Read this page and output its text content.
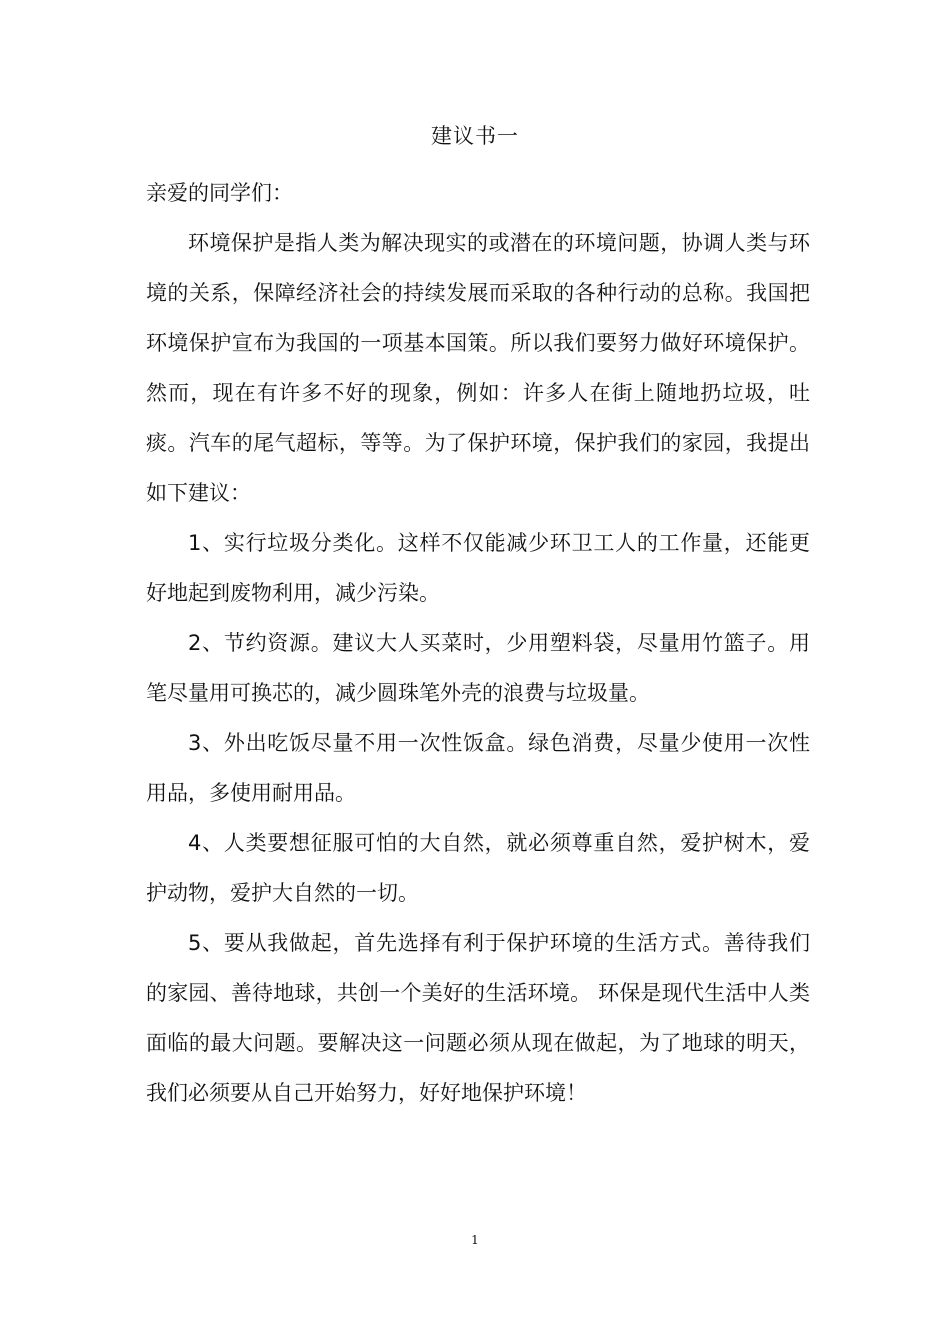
建议书一

亲爱的同学们：

环境保护是指人类为解决现实的或潜在的环境问题，协调人类与环境的关系，保障经济社会的持续发展而采取的各种行动的总称。我国把环境保护宣布为我国的一项基本国策。所以我们要努力做好环境保护。然而，现在有许多不好的现象，例如：许多人在街上随地扔垃圾，吐痰。汽车的尾气超标，等等。为了保护环境，保护我们的家园，我提出如下建议：

1、实行垃圾分类化。这样不仅能减少环卫工人的工作量，还能更好地起到废物利用，减少污染。

2、节约资源。建议大人买菜时，少用塑料袋，尽量用竹篮子。用笔尽量用可换芯的，减少圆珠笔外壳的浪费与垃圾量。

3、外出吃饭尽量不用一次性饭盒。绿色消费，尽量少使用一次性用品，多使用耐用品。

4、人类要想征服可怕的大自然，就必须尊重自然，爱护树木，爱护动物，爱护大自然的一切。

5、要从我做起，首先选择有利于保护环境的生活方式。善待我们的家园、善待地球，共创一个美好的生活环境。 环保是现代生活中人类面临的最大问题。要解决这一问题必须从现在做起，为了地球的明天，我们必须要从自己开始努力，好好地保护环境！

1
